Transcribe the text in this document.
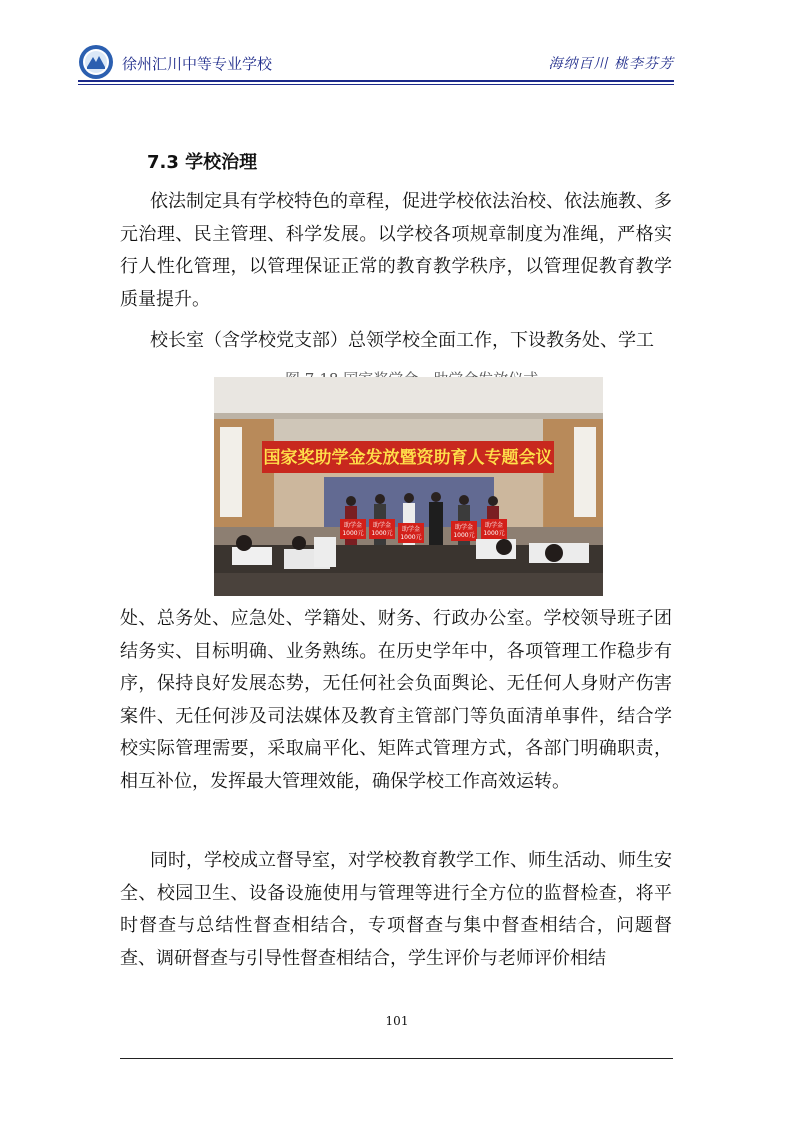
徐州汇川中等专业学校	海纳百川 桃李芬芳
7.3 学校治理

依法制定具有学校特色的章程，促进学校依法治校、依法施教、多元治理、民主管理、科学发展。以学校各项规章制度为准绳，严格实行人性化管理，以管理保证正常的教育教学秩序，以管理促教育教学质量提升。

校长室（含学校党支部）总领学校全面工作，下设教务处、学工

国家奖助学金发放暨资助育人专题会议
助学金
1000元
助学金
1000元
助学金
1000元
助学金
1000元
助学金
1000元

处、总务处、应急处、学籍处、财务、行政办公室。学校领导班子团结务实、目标明确、业务熟练。在历史学年中，各项管理工作稳步有序，保持良好发展态势，无任何社会负面舆论、无任何人身财产伤害案件、无任何涉及司法媒体及教育主管部门等负面清单事件，结合学校实际管理需要，采取扁平化、矩阵式管理方式，各部门明确职责，相互补位，发挥最大管理效能，确保学校工作高效运转。

同时，学校成立督导室，对学校教育教学工作、师生活动、师生安全、校园卫生、设备设施使用与管理等进行全方位的监督检查，将平时督查与总结性督查相结合，专项督查与集中督查相结合，问题督查、调研督查与引导性督查相结合，学生评价与老师评价相结

101
